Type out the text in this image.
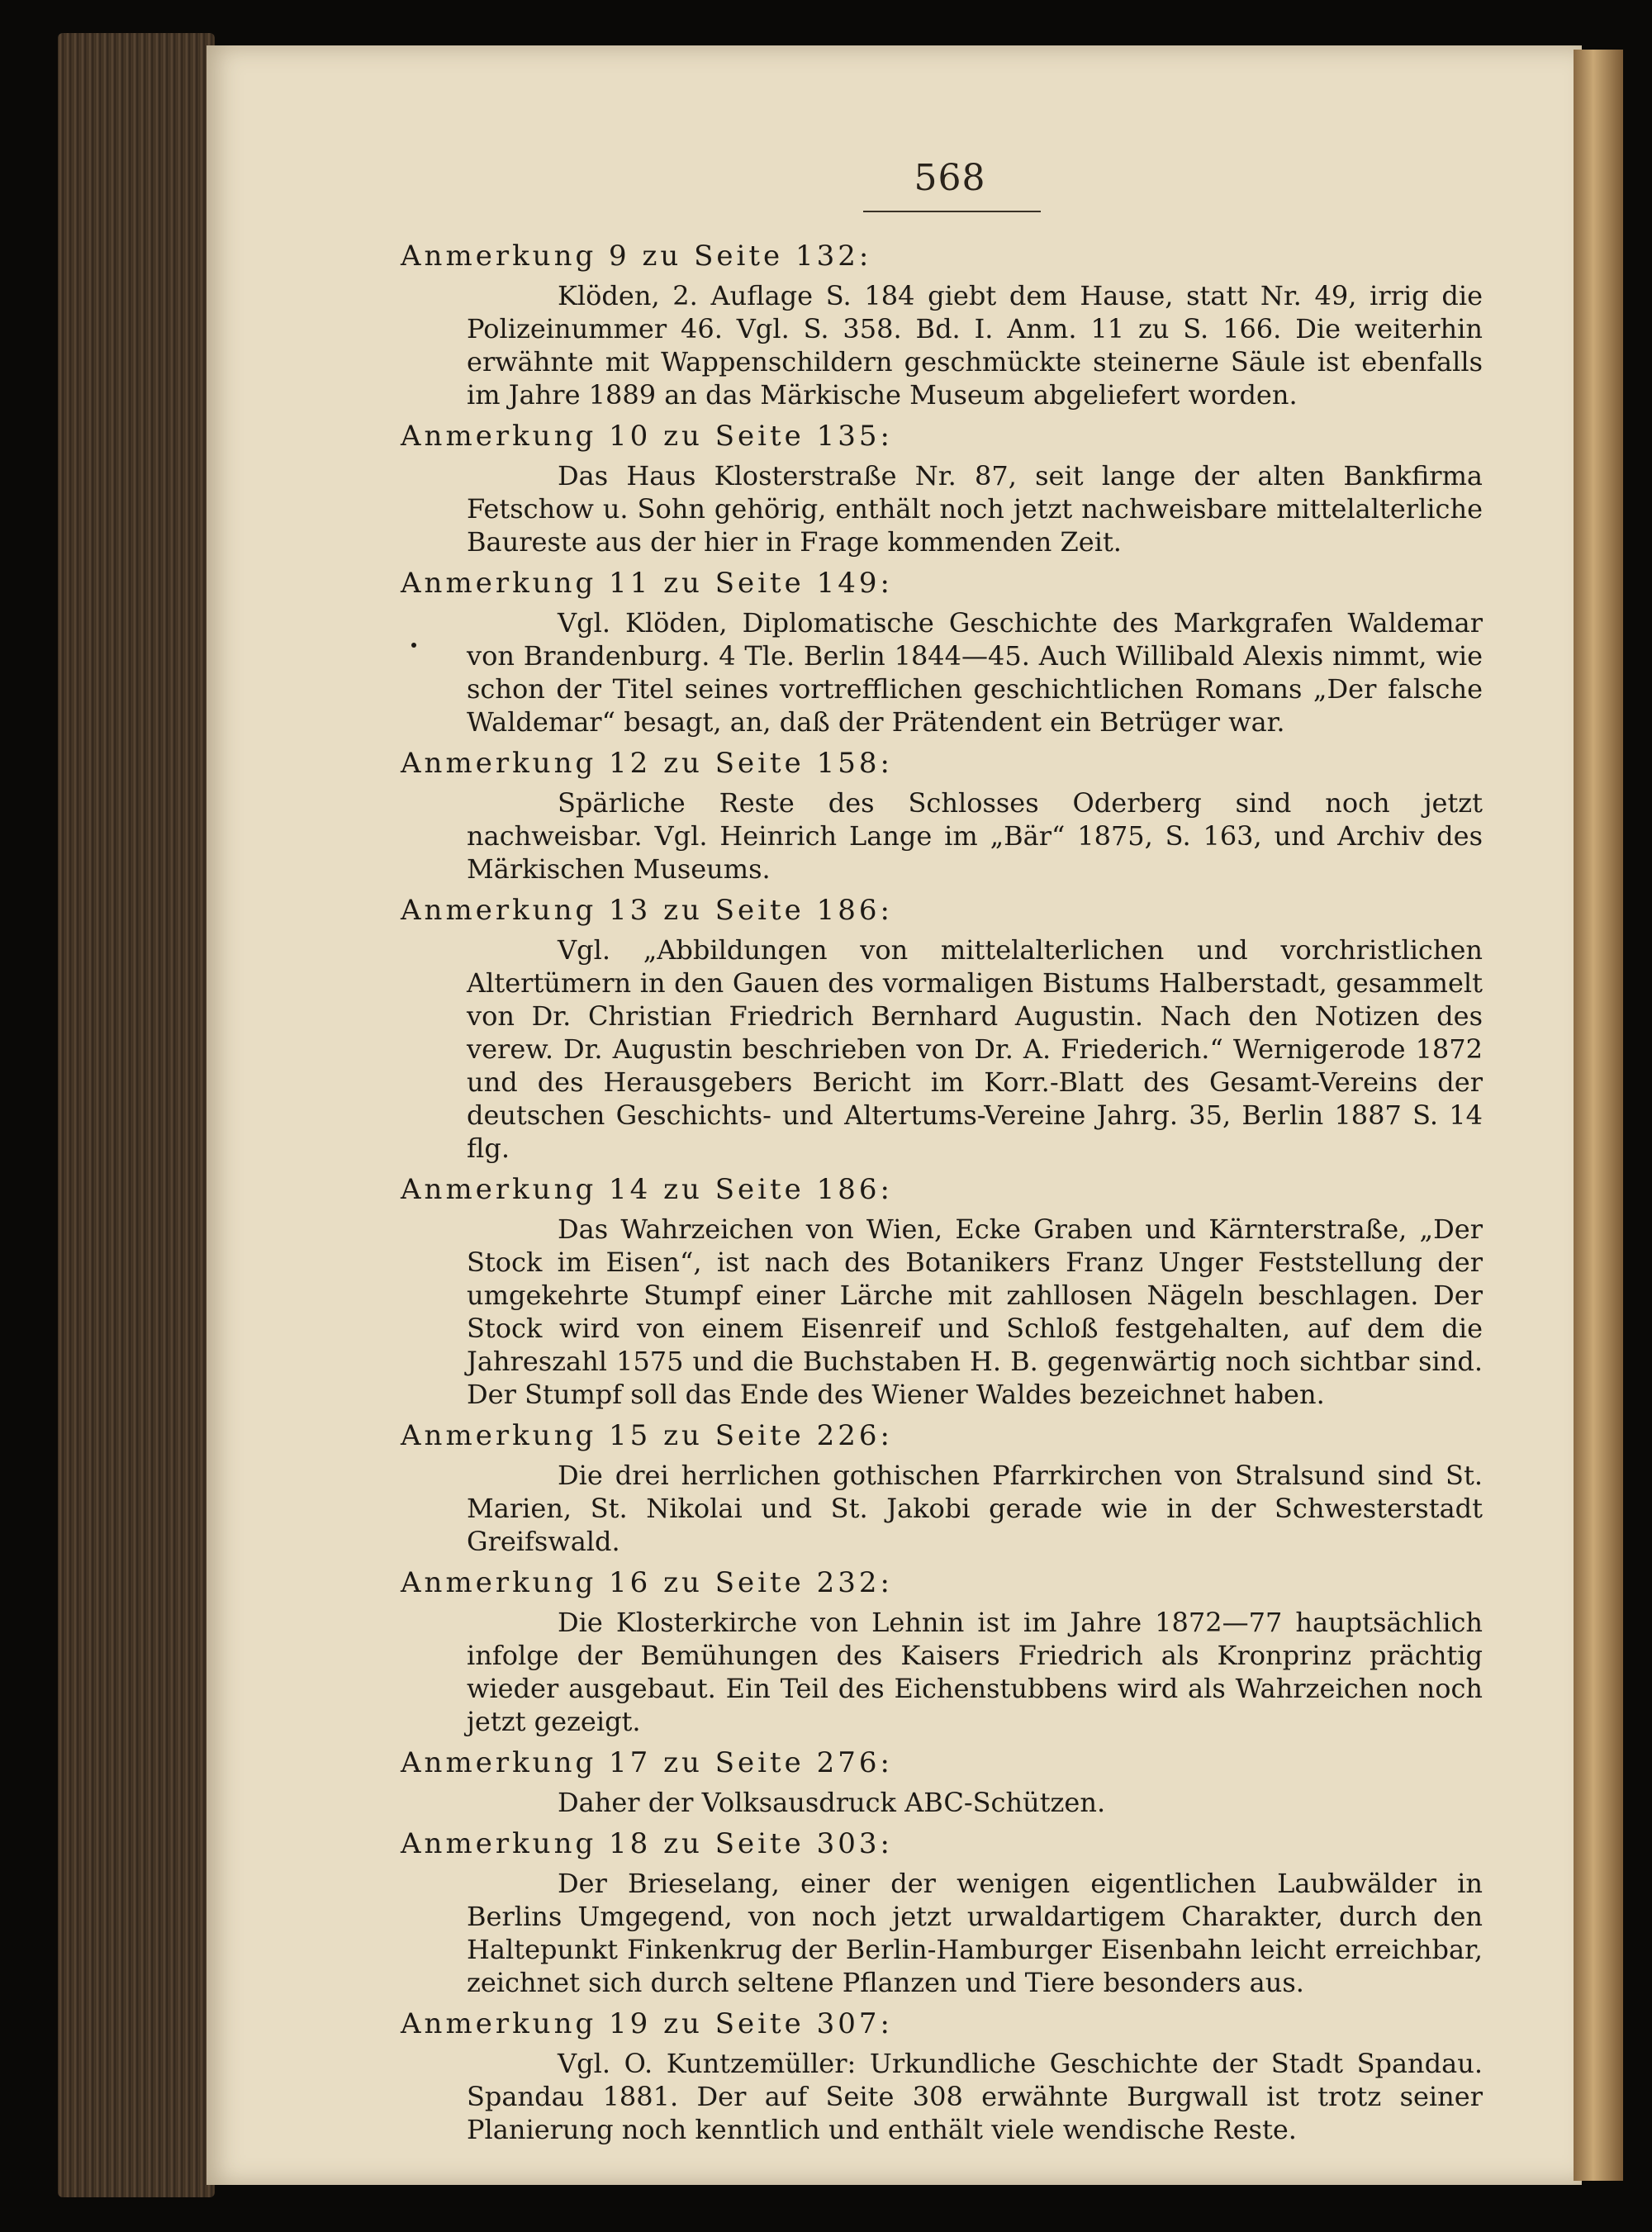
568
Anmerkung 9 zu Seite 132:
Klöden, 2. Auflage S. 184 giebt dem Hause, statt Nr. 49, irrig die Polizeinummer 46. Vgl. S. 358. Bd. I. Anm. 11 zu S. 166. Die weiterhin erwähnte mit Wappenschildern geschmückte steinerne Säule ist ebenfalls im Jahre 1889 an das Märkische Museum abgeliefert worden.
Anmerkung 10 zu Seite 135:
Das Haus Klosterstraße Nr. 87, seit lange der alten Bankfirma Fetschow u. Sohn gehörig, enthält noch jetzt nachweisbare mittelalterliche Baureste aus der hier in Frage kommenden Zeit.
Anmerkung 11 zu Seite 149:
Vgl. Klöden, Diplomatische Geschichte des Markgrafen Waldemar von Brandenburg. 4 Tle. Berlin 1844—45. Auch Willibald Alexis nimmt, wie schon der Titel seines vortrefflichen geschichtlichen Romans „Der falsche Waldemar“ besagt, an, daß der Prätendent ein Betrüger war.
Anmerkung 12 zu Seite 158:
Spärliche Reste des Schlosses Oderberg sind noch jetzt nachweisbar. Vgl. Heinrich Lange im „Bär“ 1875, S. 163, und Archiv des Märkischen Museums.
Anmerkung 13 zu Seite 186:
Vgl. „Abbildungen von mittelalterlichen und vorchristlichen Altertümern in den Gauen des vormaligen Bistums Halberstadt, gesammelt von Dr. Christian Friedrich Bernhard Augustin. Nach den Notizen des verew. Dr. Augustin beschrieben von Dr. A. Friederich.“ Wernigerode 1872 und des Herausgebers Bericht im Korr.-Blatt des Gesamt-Vereins der deutschen Geschichts- und Altertums-Vereine Jahrg. 35, Berlin 1887 S. 14 flg.
Anmerkung 14 zu Seite 186:
Das Wahrzeichen von Wien, Ecke Graben und Kärnterstraße, „Der Stock im Eisen“, ist nach des Botanikers Franz Unger Feststellung der umgekehrte Stumpf einer Lärche mit zahllosen Nägeln beschlagen. Der Stock wird von einem Eisenreif und Schloß festgehalten, auf dem die Jahreszahl 1575 und die Buchstaben H. B. gegenwärtig noch sichtbar sind. Der Stumpf soll das Ende des Wiener Waldes bezeichnet haben.
Anmerkung 15 zu Seite 226:
Die drei herrlichen gothischen Pfarrkirchen von Stralsund sind St. Marien, St. Nikolai und St. Jakobi gerade wie in der Schwesterstadt Greifswald.
Anmerkung 16 zu Seite 232:
Die Klosterkirche von Lehnin ist im Jahre 1872—77 hauptsächlich infolge der Bemühungen des Kaisers Friedrich als Kronprinz prächtig wieder ausgebaut. Ein Teil des Eichenstubbens wird als Wahrzeichen noch jetzt gezeigt.
Anmerkung 17 zu Seite 276:
Daher der Volksausdruck ABC-Schützen.
Anmerkung 18 zu Seite 303:
Der Brieselang, einer der wenigen eigentlichen Laubwälder in Berlins Umgegend, von noch jetzt urwaldartigem Charakter, durch den Haltepunkt Finkenkrug der Berlin-Hamburger Eisenbahn leicht erreichbar, zeichnet sich durch seltene Pflanzen und Tiere besonders aus.
Anmerkung 19 zu Seite 307:
Vgl. O. Kuntzemüller: Urkundliche Geschichte der Stadt Spandau. Spandau 1881. Der auf Seite 308 erwähnte Burgwall ist trotz seiner Planierung noch kenntlich und enthält viele wendische Reste.
